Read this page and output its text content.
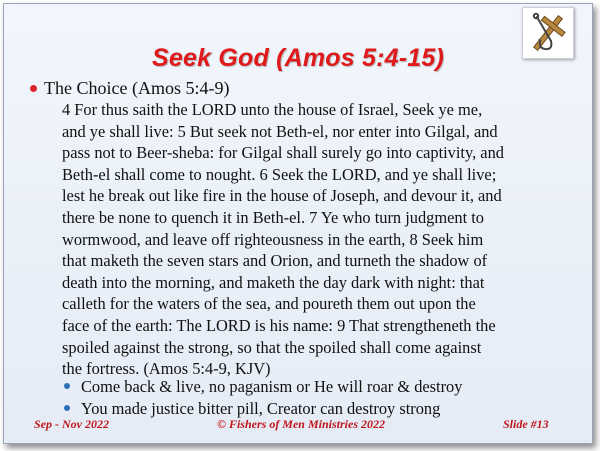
Seek God (Amos 5:4-15)
The Choice (Amos 5:4-9)
4 For thus saith the LORD unto the house of Israel, Seek ye me,
and ye shall live: 5 But seek not Beth-el, nor enter into Gilgal, and
pass not to Beer-sheba: for Gilgal shall surely go into captivity, and
Beth-el shall come to nought. 6 Seek the LORD, and ye shall live;
lest he break out like fire in the house of Joseph, and devour it, and
there be none to quench it in Beth-el. 7 Ye who turn judgment to
wormwood, and leave off righteousness in the earth, 8 Seek him
that maketh the seven stars and Orion, and turneth the shadow of
death into the morning, and maketh the day dark with night: that
calleth for the waters of the sea, and poureth them out upon the
face of the earth: The LORD is his name: 9 That strengtheneth the
spoiled against the strong, so that the spoiled shall come against
the fortress. (Amos 5:4-9, KJV)
Come back & live, no paganism or He will roar & destroy
You made justice bitter pill, Creator can destroy strong
Sep - Nov 2022	© Fishers of Men Ministries 2022	Slide #13
